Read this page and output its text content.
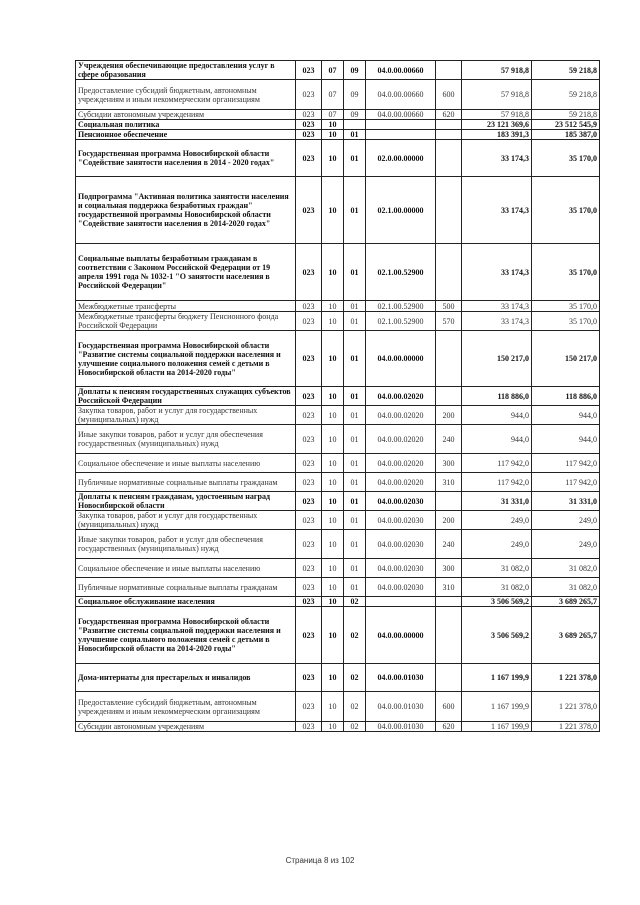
Учреждения обеспечивающие предоставления услуг в сфере образования	023	07	09	04.0.00.00660		57 918,8	59 218,8
Предоставление субсидий бюджетным, автономным учреждениям и иным некоммерческим организациям	023	07	09	04.0.00.00660	600	57 918,8	59 218,8
Субсидии автономным учреждениям	023	07	09	04.0.00.00660	620	57 918,8	59 218,8
Социальная политика	023	10				23 121 369,6	23 512 545,9
Пенсионное обеспечение	023	10	01			183 391,3	185 387,0
Государственная программа Новосибирской области "Содействие занятости населения в 2014 - 2020 годах"	023	10	01	02.0.00.00000		33 174,3	35 170,0
Подпрограмма "Активная политика занятости населения и социальная поддержка безработных граждан" государственной программы Новосибирской области "Содействие занятости населения в 2014-2020 годах"	023	10	01	02.1.00.00000		33 174,3	35 170,0
Социальные выплаты безработным гражданам в соответствии с Законом Российской Федерации от 19 апреля 1991 года № 1032-1 "О занятости населения в Российской Федерации"	023	10	01	02.1.00.52900		33 174,3	35 170,0
Межбюджетные трансферты	023	10	01	02.1.00.52900	500	33 174,3	35 170,0
Межбюджетные трансферты бюджету Пенсионного фонда Российской Федерации	023	10	01	02.1.00.52900	570	33 174,3	35 170,0
Государственная программа Новосибирской области "Развитие системы социальной поддержки населения и улучшение социального положения семей с детьми в Новосибирской области на 2014-2020 годы"	023	10	01	04.0.00.00000		150 217,0	150 217,0
Доплаты к пенсиям государственных служащих субъектов Российской Федерации	023	10	01	04.0.00.02020		118 886,0	118 886,0
Закупка товаров, работ и услуг для государственных (муниципальных) нужд	023	10	01	04.0.00.02020	200	944,0	944,0
Иные закупки товаров, работ и услуг для обеспечения государственных (муниципальных) нужд	023	10	01	04.0.00.02020	240	944,0	944,0
Социальное обеспечение и иные выплаты населению	023	10	01	04.0.00.02020	300	117 942,0	117 942,0
Публичные нормативные социальные выплаты гражданам	023	10	01	04.0.00.02020	310	117 942,0	117 942,0
Доплаты к пенсиям гражданам, удостоенным наград Новосибирской области	023	10	01	04.0.00.02030		31 331,0	31 331,0
Закупка товаров, работ и услуг для государственных (муниципальных) нужд	023	10	01	04.0.00.02030	200	249,0	249,0
Иные закупки товаров, работ и услуг для обеспечения государственных (муниципальных) нужд	023	10	01	04.0.00.02030	240	249,0	249,0
Социальное обеспечение и иные выплаты населению	023	10	01	04.0.00.02030	300	31 082,0	31 082,0
Публичные нормативные социальные выплаты гражданам	023	10	01	04.0.00.02030	310	31 082,0	31 082,0
Социальное обслуживание населения	023	10	02			3 506 569,2	3 689 265,7
Государственная программа Новосибирской области "Развитие системы социальной поддержки населения и улучшение социального положения семей с детьми в Новосибирской области на 2014-2020 годы"	023	10	02	04.0.00.00000		3 506 569,2	3 689 265,7
Дома-интернаты для престарелых и инвалидов	023	10	02	04.0.00.01030		1 167 199,9	1 221 378,0
Предоставление субсидий бюджетным, автономным учреждениям и иным некоммерческим организациям	023	10	02	04.0.00.01030	600	1 167 199,9	1 221 378,0
Субсидии автономным учреждениям	023	10	02	04.0.00.01030	620	1 167 199,9	1 221 378,0
Страница 8 из 102
